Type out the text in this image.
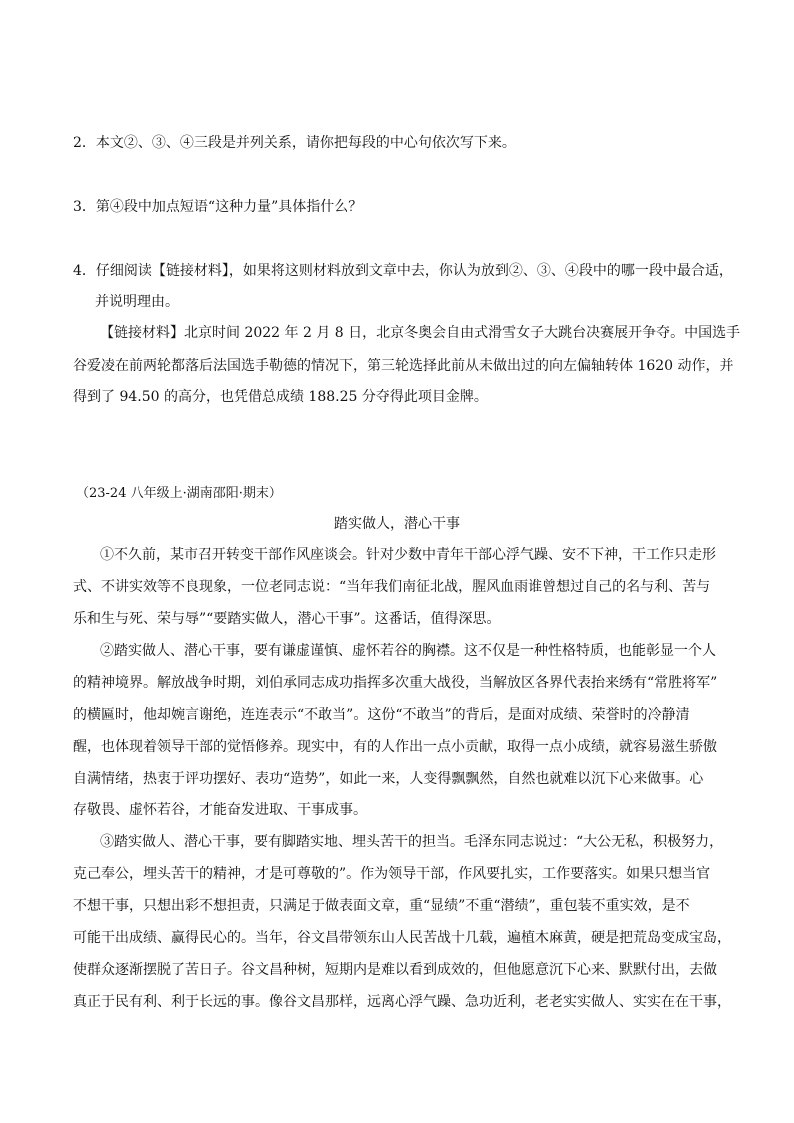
2．本文②、③、④三段是并列关系，请你把每段的中心句依次写下来。
3．第④段中加点短语“这种力量”具体指什么？
4．仔细阅读【链接材料】，如果将这则材料放到文章中去，你认为放到②、③、④段中的哪一段中最合适，
并说明理由。
【链接材料】北京时间 2022 年 2 月 8 日，北京冬奥会自由式滑雪女子大跳台决赛展开争夺。中国选手
谷爱凌在前两轮都落后法国选手勒德的情况下，第三轮选择此前从未做出过的向左偏轴转体 1620 动作，并
得到了 94.50 的高分，也凭借总成绩 188.25 分夺得此项目金牌。
（23-24 八年级上·湖南邵阳·期末）
踏实做人，潜心干事
①不久前，某市召开转变干部作风座谈会。针对少数中青年干部心浮气躁、安不下神，干工作只走形
式、不讲实效等不良现象，一位老同志说：“当年我们南征北战，腥风血雨谁曾想过自己的名与利、苦与
乐和生与死、荣与辱”“要踏实做人，潜心干事”。这番话，值得深思。
②踏实做人、潜心干事，要有谦虚谨慎、虚怀若谷的胸襟。这不仅是一种性格特质，也能彰显一个人
的精神境界。解放战争时期，刘伯承同志成功指挥多次重大战役，当解放区各界代表抬来绣有“常胜将军”
的横匾时，他却婉言谢绝，连连表示“不敢当”。这份“不敢当”的背后，是面对成绩、荣誉时的冷静清
醒，也体现着领导干部的觉悟修养。现实中，有的人作出一点小贡献，取得一点小成绩，就容易滋生骄傲
自满情绪，热衷于评功摆好、表功“造势”，如此一来，人变得飘飘然，自然也就难以沉下心来做事。心
存敬畏、虚怀若谷，才能奋发进取、干事成事。
③踏实做人、潜心干事，要有脚踏实地、埋头苦干的担当。毛泽东同志说过：“大公无私，积极努力，
克己奉公，埋头苦干的精神，才是可尊敬的”。作为领导干部，作风要扎实，工作要落实。如果只想当官
不想干事，只想出彩不想担责，只满足于做表面文章，重“显绩”不重“潜绩”，重包装不重实效，是不
可能干出成绩、赢得民心的。当年，谷文昌带领东山人民苦战十几载，遍植木麻黄，硬是把荒岛变成宝岛，
使群众逐渐摆脱了苦日子。谷文昌种树，短期内是难以看到成效的，但他愿意沉下心来、默默付出，去做
真正于民有利、利于长远的事。像谷文昌那样，远离心浮气躁、急功近利，老老实实做人、实实在在干事，
